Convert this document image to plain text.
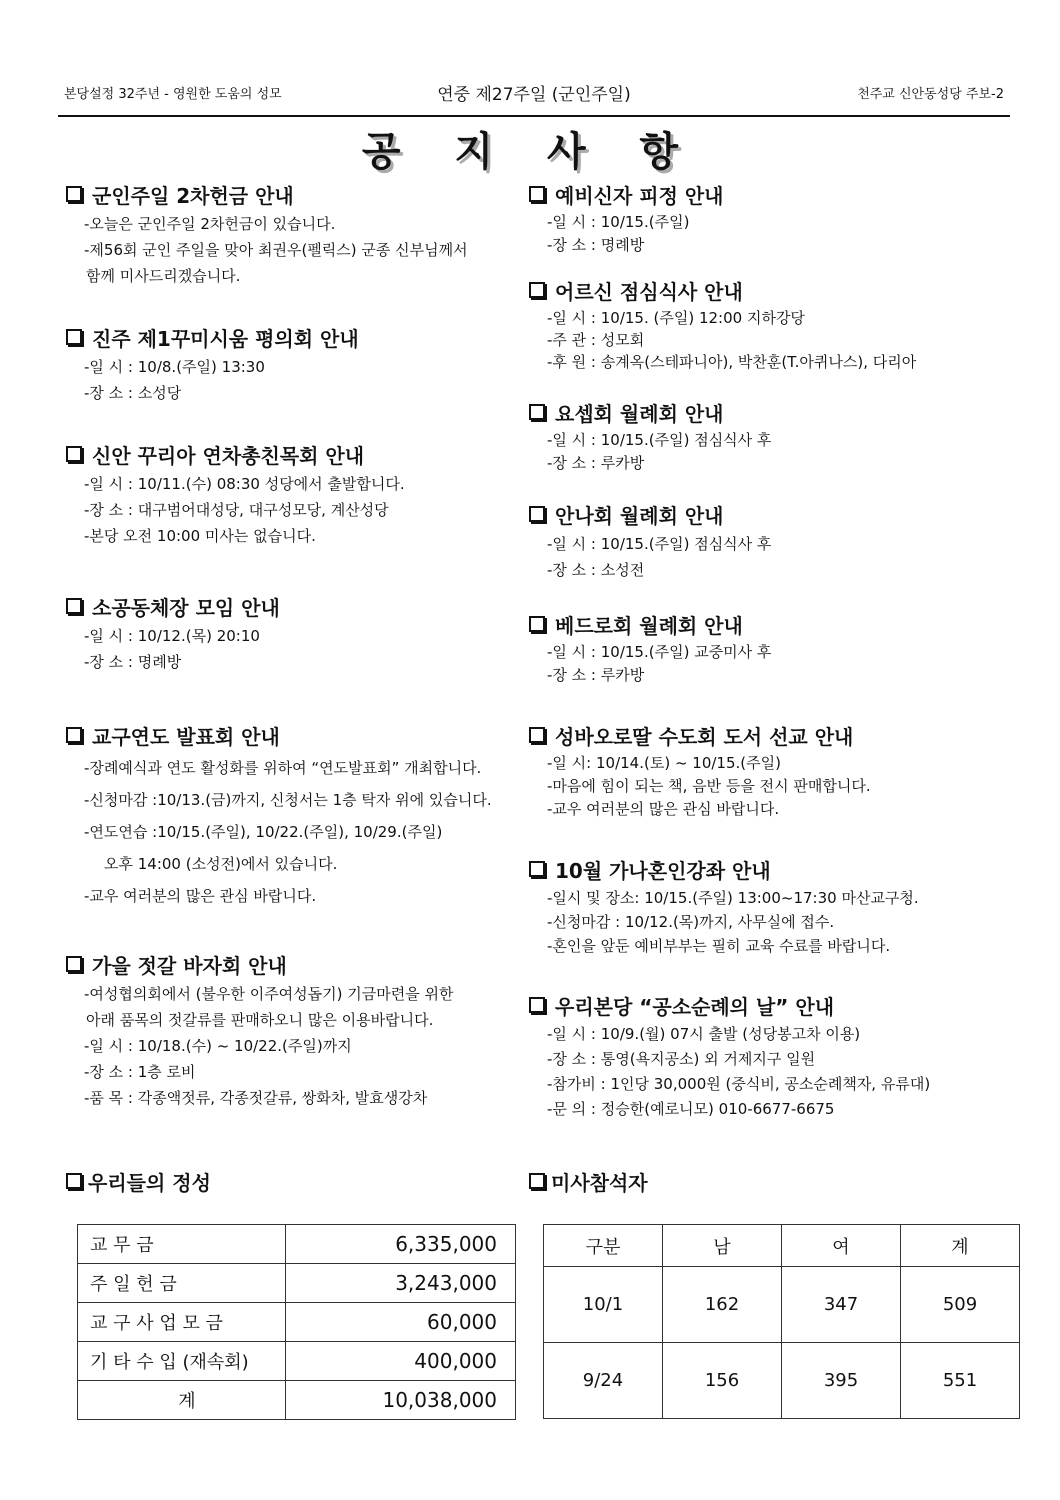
본당설정 32주년 - 영원한 도움의 성모	연중 제27주일 (군인주일)	천주교 신안동성당 주보-2
공 지 사 항
군인주일 2차헌금 안내
-오늘은 군인주일 2차헌금이 있습니다.
-제56회 군인 주일을 맞아 최권우(펠릭스) 군종 신부님께서
함께 미사드리겠습니다.
진주 제1꾸미시움 평의회 안내
-일 시 : 10/8.(주일) 13:30
-장 소 : 소성당
신안 꾸리아 연차총친목회 안내
-일 시 : 10/11.(수) 08:30 성당에서 출발합니다.
-장 소 : 대구범어대성당, 대구성모당, 계산성당
-본당 오전 10:00 미사는 없습니다.
소공동체장 모임 안내
-일 시 : 10/12.(목) 20:10
-장 소 : 명례방
교구연도 발표회 안내
-장례예식과 연도 활성화를 위하여 “연도발표회” 개최합니다.
-신청마감 :10/13.(금)까지, 신청서는 1층 탁자 위에 있습니다.
-연도연습 :10/15.(주일), 10/22.(주일), 10/29.(주일)
오후 14:00 (소성전)에서 있습니다.
-교우 여러분의 많은 관심 바랍니다.
가을 젓갈 바자회 안내
-여성협의회에서 (불우한 이주여성돕기) 기금마련을 위한
아래 품목의 젓갈류를 판매하오니 많은 이용바랍니다.
-일 시 : 10/18.(수) ~ 10/22.(주일)까지
-장 소 : 1층 로비
-품 목 : 각종액젓류, 각종젓갈류, 쌍화차, 발효생강차
예비신자 피정 안내
-일 시 : 10/15.(주일)
-장 소 : 명례방
어르신 점심식사 안내
-일 시 : 10/15. (주일) 12:00 지하강당
-주 관 : 성모회
-후 원 : 송계옥(스테파니아), 박찬훈(T.아퀴나스), 다리아
요셉회 월례회 안내
-일 시 : 10/15.(주일) 점심식사 후
-장 소 : 루카방
안나회 월례회 안내
-일 시 : 10/15.(주일) 점심식사 후
-장 소 : 소성전
베드로회 월례회 안내
-일 시 : 10/15.(주일) 교중미사 후
-장 소 : 루카방
성바오로딸 수도회 도서 선교 안내
-일 시: 10/14.(토) ~ 10/15.(주일)
-마음에 힘이 되는 책, 음반 등을 전시 판매합니다.
-교우 여러분의 많은 관심 바랍니다.
10월 가나혼인강좌 안내
-일시 및 장소: 10/15.(주일) 13:00~17:30 마산교구청.
-신청마감 : 10/12.(목)까지, 사무실에 접수.
-혼인을 앞둔 예비부부는 필히 교육 수료를 바랍니다.
우리본당 “공소순례의 날” 안내
-일 시 : 10/9.(월) 07시 출발 (성당봉고차 이용)
-장 소 : 통영(욕지공소) 외 거제지구 일원
-참가비 : 1인당 30,000원 (중식비, 공소순례책자, 유류대)
-문 의 : 정승한(예로니모) 010-6677-6675
우리들의 정성
교 무 금	6,335,000
주 일 헌 금	3,243,000
교 구 사 업 모 금	60,000
기 타 수 입 (재속회)	400,000
계	10,038,000
미사참석자
구분	남	여	계
10/1	162	347	509
9/24	156	395	551
